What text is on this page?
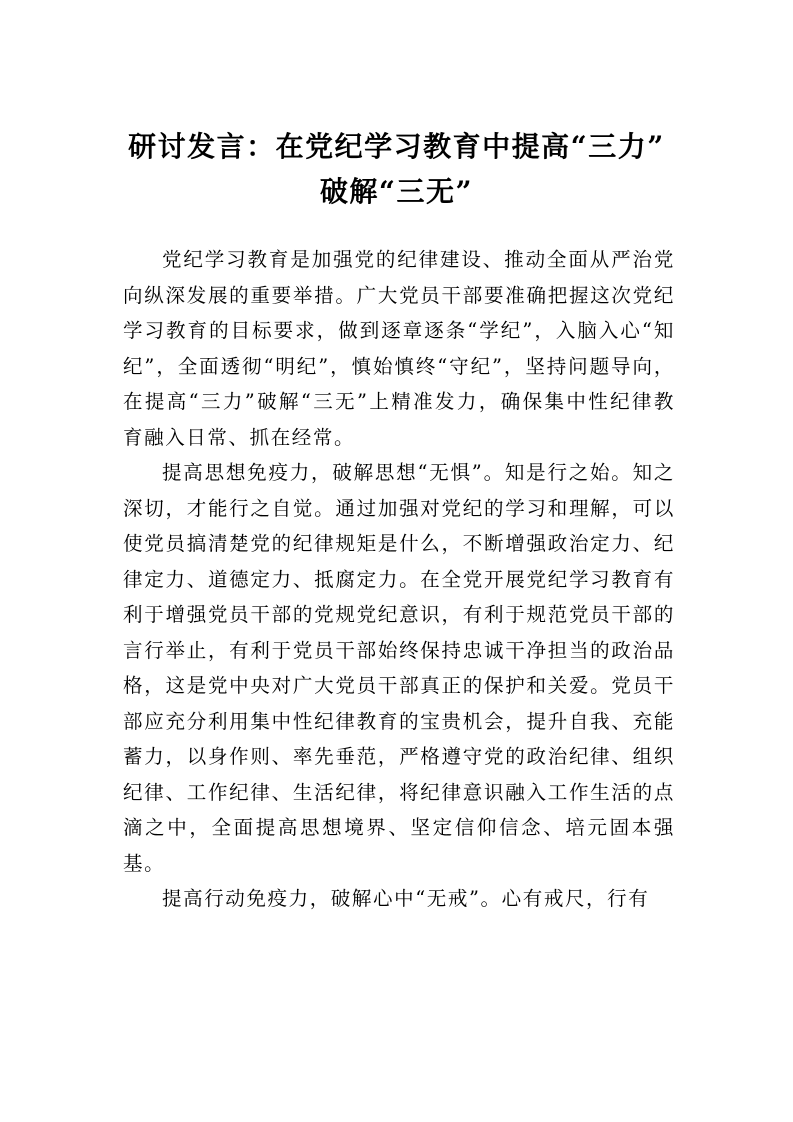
研讨发言：在党纪学习教育中提高“三力”
破解“三无”

党纪学习教育是加强党的纪律建设、推动全面从严治党向纵深发展的重要举措。广大党员干部要准确把握这次党纪学习教育的目标要求，做到逐章逐条“学纪”，入脑入心“知纪”，全面透彻“明纪”，慎始慎终“守纪”，坚持问题导向，在提高“三力”破解“三无”上精准发力，确保集中性纪律教育融入日常、抓在经常。

提高思想免疫力，破解思想“无惧”。知是行之始。知之深切，才能行之自觉。通过加强对党纪的学习和理解，可以使党员搞清楚党的纪律规矩是什么，不断增强政治定力、纪律定力、道德定力、抵腐定力。在全党开展党纪学习教育有利于增强党员干部的党规党纪意识，有利于规范党员干部的言行举止，有利于党员干部始终保持忠诚干净担当的政治品格，这是党中央对广大党员干部真正的保护和关爱。党员干部应充分利用集中性纪律教育的宝贵机会，提升自我、充能蓄力，以身作则、率先垂范，严格遵守党的政治纪律、组织纪律、工作纪律、生活纪律，将纪律意识融入工作生活的点滴之中，全面提高思想境界、坚定信仰信念、培元固本强基。

提高行动免疫力，破解心中“无戒”。心有戒尺，行有
